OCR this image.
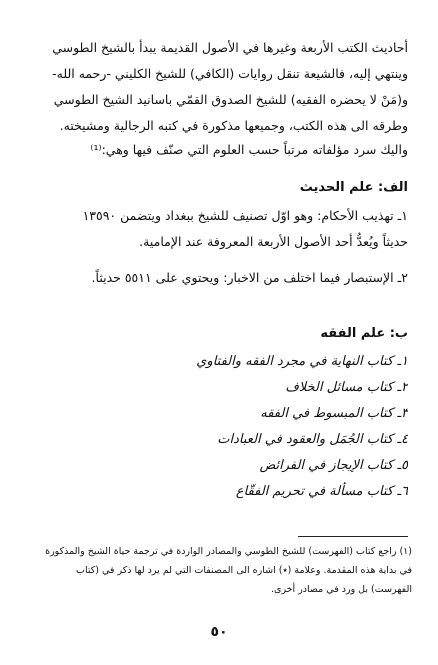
أحاديث الكتب الأربعة وغيرها في الأصول القديمة يبدأ بالشيخ الطوسي
وينتهي إليه، فالشيعة تنقل روايات (الكافي) للشيخ الكليني -رحمه الله-
و(مَنْ لا يحضره الفقيه) للشيخ الصدوق القمّي باسانيد الشيخ الطوسي
وطرقه الى هذه الكتب، وجميعها مذكورة في كتبه الرجالية ومشيخته.
واليك سرد مؤلفاته مرتباً حسب العلوم التي صنّف فيها وهي:⁽¹⁾
الف: علم الحديث
١ـ تهذيب الأحكام: وهو اوّل تصنيف للشيخ ببغداد ويتضمن ١٣٥٩٠
حديثاً ويُعدُّ أحد الأصول الأربعة المعروفة عند الإمامية.
٢ـ الإستبصار فيما اختلف من الاخبار: ويحتوي على ٥٥١١ حديثاً.
ب: علم الفقه
١ـ كتاب النهاية في مجرد الفقه والفتاوي
٢ـ كتاب مسائل الخلاف
٣ـ كتاب المبسوط في الفقه
٤ـ كتاب الجُمَل والعقود في العبادات
٥ـ كتاب الإيجاز في الفرائض
٦ـ كتاب مسألة في تحريم الفقّاع
(١) راجع كتاب (الفهرست) للشيخ الطوسي والمصادر الواردة في ترجمة حياة الشيخ والمذكورة
في بداية هذه المقدمة. وعلامة (٭) اشاره الى المصنفات التي لم يرد لها ذكر في (كتاب
الفهرست) بل ورد في مصادر أخرى.
٥٠
